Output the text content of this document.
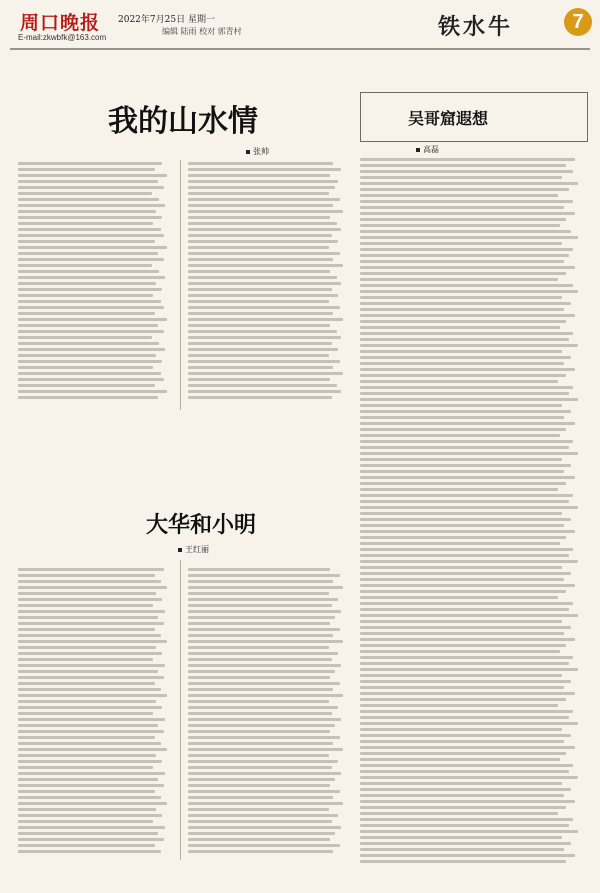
周口晚报
E-mail:zkwbfk@163.com
2022年7月25日 星期一
编辑 陆雨 校对 郭青村	铁水牛	7
我的山水情
张帅
大华和小明
王红丽
吴哥窟遐想
高磊
